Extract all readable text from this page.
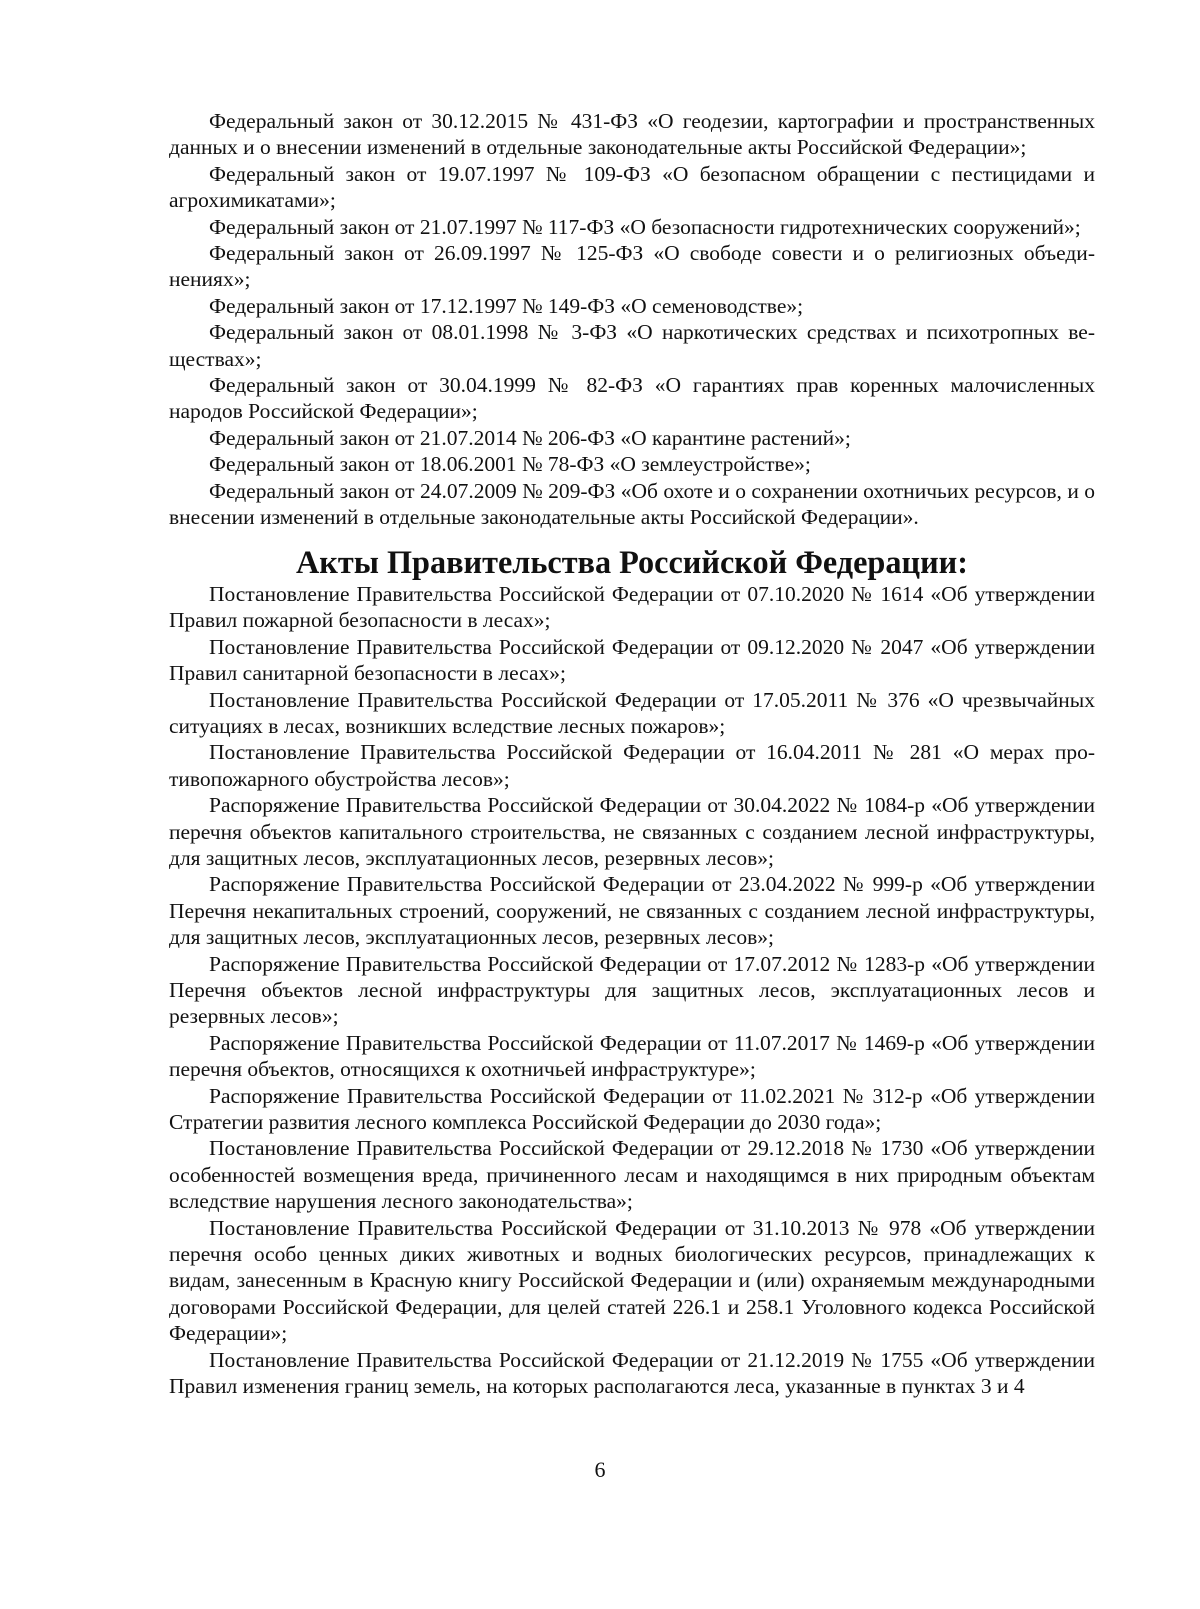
Федеральный закон от 30.12.2015 № 431-ФЗ «О геодезии, картографии и пространственных данных и о внесении изменений в отдельные законодательные акты Российской Федерации»;

Федеральный закон от 19.07.1997 № 109-ФЗ «О безопасном обращении с пестицидами и агрохимикатами»;

Федеральный закон от 21.07.1997 № 117-ФЗ «О безопасности гидротехнических сооружений»;

Федеральный закон от 26.09.1997 № 125-ФЗ «О свободе совести и о религиозных объединениях»;

Федеральный закон от 17.12.1997 № 149-ФЗ «О семеноводстве»;

Федеральный закон от 08.01.1998 № 3-ФЗ «О наркотических средствах и психотропных веществах»;

Федеральный закон от 30.04.1999 № 82-ФЗ «О гарантиях прав коренных малочисленных народов Российской Федерации»;

Федеральный закон от 21.07.2014 № 206-ФЗ «О карантине растений»;

Федеральный закон от 18.06.2001 № 78-ФЗ «О землеустройстве»;

Федеральный закон от 24.07.2009 № 209-ФЗ «Об охоте и о сохранении охотничьих ресурсов, и о внесении изменений в отдельные законодательные акты Российской Федерации».

Акты Правительства Российской Федерации:

Постановление Правительства Российской Федерации от 07.10.2020 № 1614 «Об утверждении Правил пожарной безопасности в лесах»;

Постановление Правительства Российской Федерации от 09.12.2020 № 2047 «Об утверждении Правил санитарной безопасности в лесах»;

Постановление Правительства Российской Федерации от 17.05.2011 № 376 «О чрезвычайных ситуациях в лесах, возникших вследствие лесных пожаров»;

Постановление Правительства Российской Федерации от 16.04.2011 № 281 «О мерах противопожарного обустройства лесов»;

Распоряжение Правительства Российской Федерации от 30.04.2022 № 1084-р «Об утверждении перечня объектов капитального строительства, не связанных с созданием лесной инфраструктуры, для защитных лесов, эксплуатационных лесов, резервных лесов»;

Распоряжение Правительства Российской Федерации от 23.04.2022 № 999-р «Об утверждении Перечня некапитальных строений, сооружений, не связанных с созданием лесной инфраструктуры, для защитных лесов, эксплуатационных лесов, резервных лесов»;

Распоряжение Правительства Российской Федерации от 17.07.2012 № 1283-р «Об утверждении Перечня объектов лесной инфраструктуры для защитных лесов, эксплуатационных лесов и резервных лесов»;

Распоряжение Правительства Российской Федерации от 11.07.2017 № 1469-р «Об утверждении перечня объектов, относящихся к охотничьей инфраструктуре»;

Распоряжение Правительства Российской Федерации от 11.02.2021 № 312-р «Об утверждении Стратегии развития лесного комплекса Российской Федерации до 2030 года»;

Постановление Правительства Российской Федерации от 29.12.2018 № 1730 «Об утверждении особенностей возмещения вреда, причиненного лесам и находящимся в них природным объектам вследствие нарушения лесного законодательства»;

Постановление Правительства Российской Федерации от 31.10.2013 № 978 «Об утверждении перечня особо ценных диких животных и водных биологических ресурсов, принадлежащих к видам, занесенным в Красную книгу Российской Федерации и (или) охраняемым международными договорами Российской Федерации, для целей статей 226.1 и 258.1 Уголовного кодекса Российской Федерации»;

Постановление Правительства Российской Федерации от 21.12.2019 № 1755 «Об утверждении Правил изменения границ земель, на которых располагаются леса, указанные в пунктах 3 и 4

6
